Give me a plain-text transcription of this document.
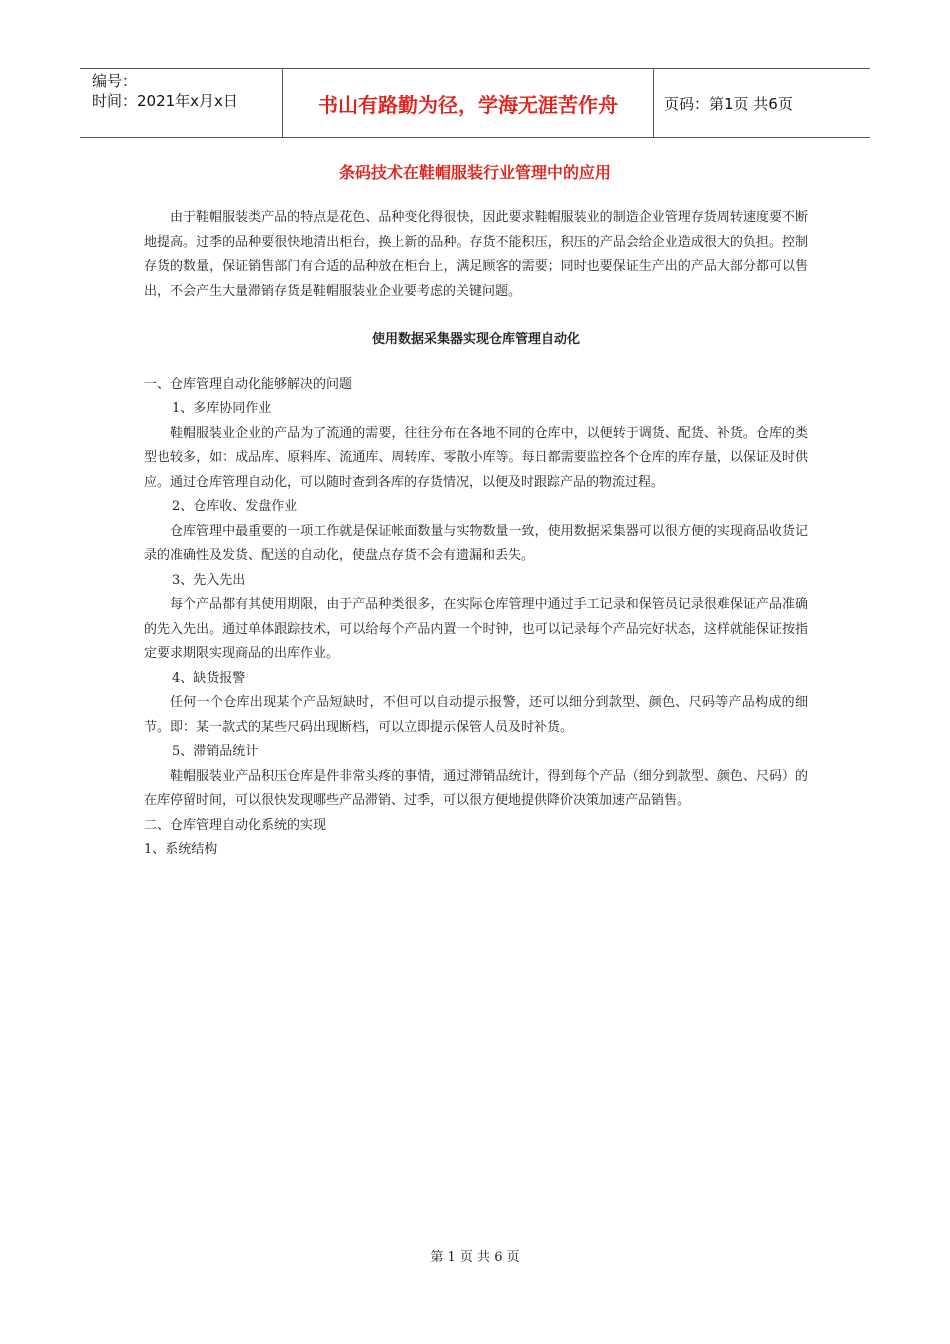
编号：
时间：2021年x月x日	书山有路勤为径，学海无涯苦作舟	页码：第1页 共6页
条码技术在鞋帽服装行业管理中的应用

由于鞋帽服装类产品的特点是花色、品种变化得很快，因此要求鞋帽服装业的制造企业管理存货周转速度要不断地提高。过季的品种要很快地清出柜台，换上新的品种。存货不能积压，积压的产品会给企业造成很大的负担。控制存货的数量，保证销售部门有合适的品种放在柜台上，满足顾客的需要；同时也要保证生产出的产品大部分都可以售出，不会产生大量滞销存货是鞋帽服装业企业要考虑的关键问题。

使用数据采集器实现仓库管理自动化

一、仓库管理自动化能够解决的问题

1、多库协同作业

鞋帽服装业企业的产品为了流通的需要，往往分布在各地不同的仓库中，以便转于调货、配货、补货。仓库的类型也较多，如：成品库、原料库、流通库、周转库、零散小库等。每日都需要监控各个仓库的库存量，以保证及时供应。通过仓库管理自动化，可以随时查到各库的存货情况，以便及时跟踪产品的物流过程。

2、仓库收、发盘作业

仓库管理中最重要的一项工作就是保证帐面数量与实物数量一致，使用数据采集器可以很方便的实现商品收货记录的准确性及发货、配送的自动化，使盘点存货不会有遗漏和丢失。

3、先入先出

每个产品都有其使用期限，由于产品种类很多，在实际仓库管理中通过手工记录和保管员记录很难保证产品准确的先入先出。通过单体跟踪技术，可以给每个产品内置一个时钟，也可以记录每个产品完好状态，这样就能保证按指定要求期限实现商品的出库作业。

4、缺货报警

任何一个仓库出现某个产品短缺时，不但可以自动提示报警，还可以细分到款型、颜色、尺码等产品构成的细节。即：某一款式的某些尺码出现断档，可以立即提示保管人员及时补货。

5、滞销品统计

鞋帽服装业产品积压仓库是件非常头疼的事情，通过滞销品统计，得到每个产品（细分到款型、颜色、尺码）的在库停留时间，可以很快发现哪些产品滞销、过季，可以很方便地提供降价决策加速产品销售。

二、仓库管理自动化系统的实现

1、系统结构

第 1 页 共 6 页
